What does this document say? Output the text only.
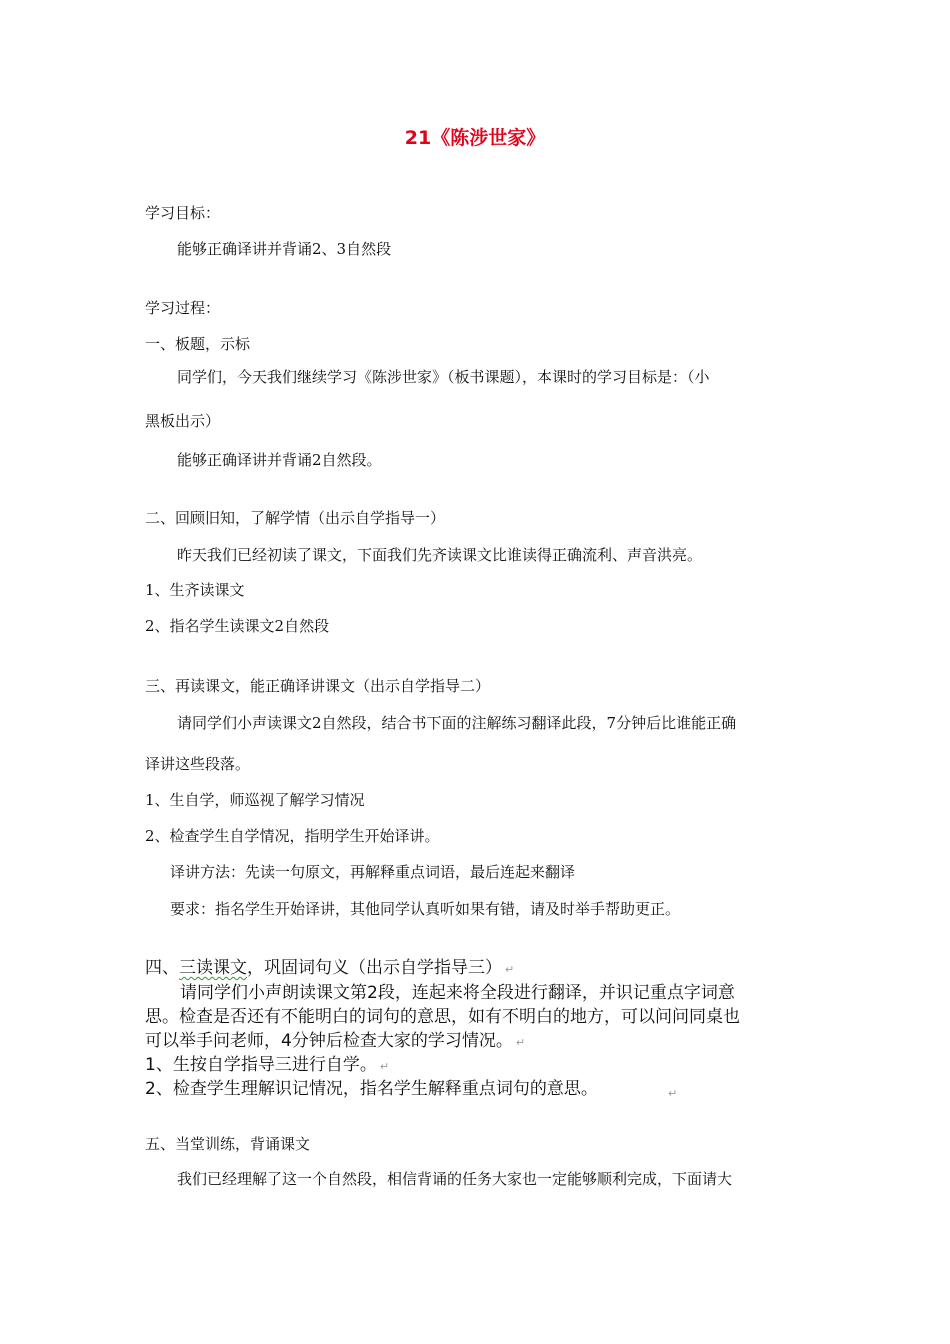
21《陈涉世家》
学习目标：
能够正确译讲并背诵2、3自然段
学习过程：
一、板题，示标
同学们，今天我们继续学习《陈涉世家》（板书课题），本课时的学习目标是：（小
黑板出示）
能够正确译讲并背诵2自然段。
二、回顾旧知，了解学情（出示自学指导一）
昨天我们已经初读了课文，下面我们先齐读课文比谁读得正确流利、声音洪亮。
1、生齐读课文
2、指名学生读课文2自然段
三、再读课文，能正确译讲课文（出示自学指导二）
请同学们小声读课文2自然段，结合书下面的注解练习翻译此段，7分钟后比谁能正确
译讲这些段落。
1、生自学，师巡视了解学习情况
2、检查学生自学情况，指明学生开始译讲。
译讲方法：先读一句原文，再解释重点词语，最后连起来翻译
要求：指名学生开始译讲，其他同学认真听如果有错，请及时举手帮助更正。
四、三读课文，巩固词句义（出示自学指导三） ↵
请同学们小声朗读课文第2段，连起来将全段进行翻译，并识记重点字词意
思。检查是否还有不能明白的词句的意思，如有不明白的地方，可以问问同桌也
可以举手问老师，4分钟后检查大家的学习情况。 ↵
1、生按自学指导三进行自学。 ↵
2、检查学生理解识记情况，指名学生解释重点词句的意思。	↵
五、当堂训练，背诵课文
我们已经理解了这一个自然段，相信背诵的任务大家也一定能够顺利完成，下面请大
